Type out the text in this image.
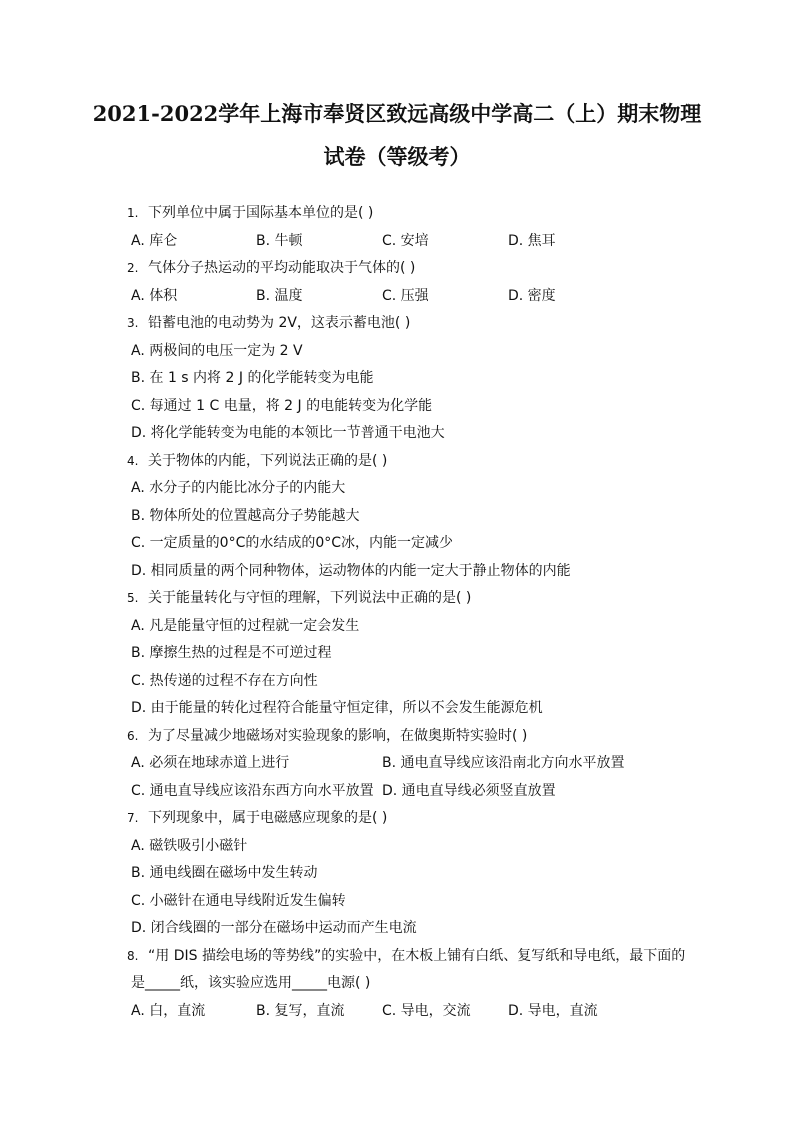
2021-2022学年上海市奉贤区致远高级中学高二（上）期末物理
试卷（等级考）
1. 下列单位中属于国际基本单位的是( )
A. 库仑	B. 牛顿	C. 安培	D. 焦耳
2. 气体分子热运动的平均动能取决于气体的( )
A. 体积	B. 温度	C. 压强	D. 密度
3. 铅蓄电池的电动势为 2V，这表示蓄电池( )
A. 两极间的电压一定为 2 V
B. 在 1 s 内将 2 J 的化学能转变为电能
C. 每通过 1 C 电量，将 2 J 的电能转变为化学能
D. 将化学能转变为电能的本领比一节普通干电池大
4. 关于物体的内能，下列说法正确的是( )
A. 水分子的内能比冰分子的内能大
B. 物体所处的位置越高分子势能越大
C. 一定质量的0°C的水结成的0°C冰，内能一定减少
D. 相同质量的两个同种物体，运动物体的内能一定大于静止物体的内能
5. 关于能量转化与守恒的理解，下列说法中正确的是( )
A. 凡是能量守恒的过程就一定会发生
B. 摩擦生热的过程是不可逆过程
C. 热传递的过程不存在方向性
D. 由于能量的转化过程符合能量守恒定律，所以不会发生能源危机
6. 为了尽量减少地磁场对实验现象的影响，在做奥斯特实验时( )
A. 必须在地球赤道上进行	B. 通电直导线应该沿南北方向水平放置
C. 通电直导线应该沿东西方向水平放置 D. 通电直导线必须竖直放置
7. 下列现象中，属于电磁感应现象的是( )
A. 磁铁吸引小磁针
B. 通电线圈在磁场中发生转动
C. 小磁针在通电导线附近发生偏转
D. 闭合线圈的一部分在磁场中运动而产生电流
8. “用 DIS 描绘电场的等势线”的实验中，在木板上铺有白纸、复写纸和导电纸，最下面的
是_____纸，该实验应选用_____电源( )
A. 白，直流	B. 复写，直流	C. 导电，交流	D. 导电，直流
